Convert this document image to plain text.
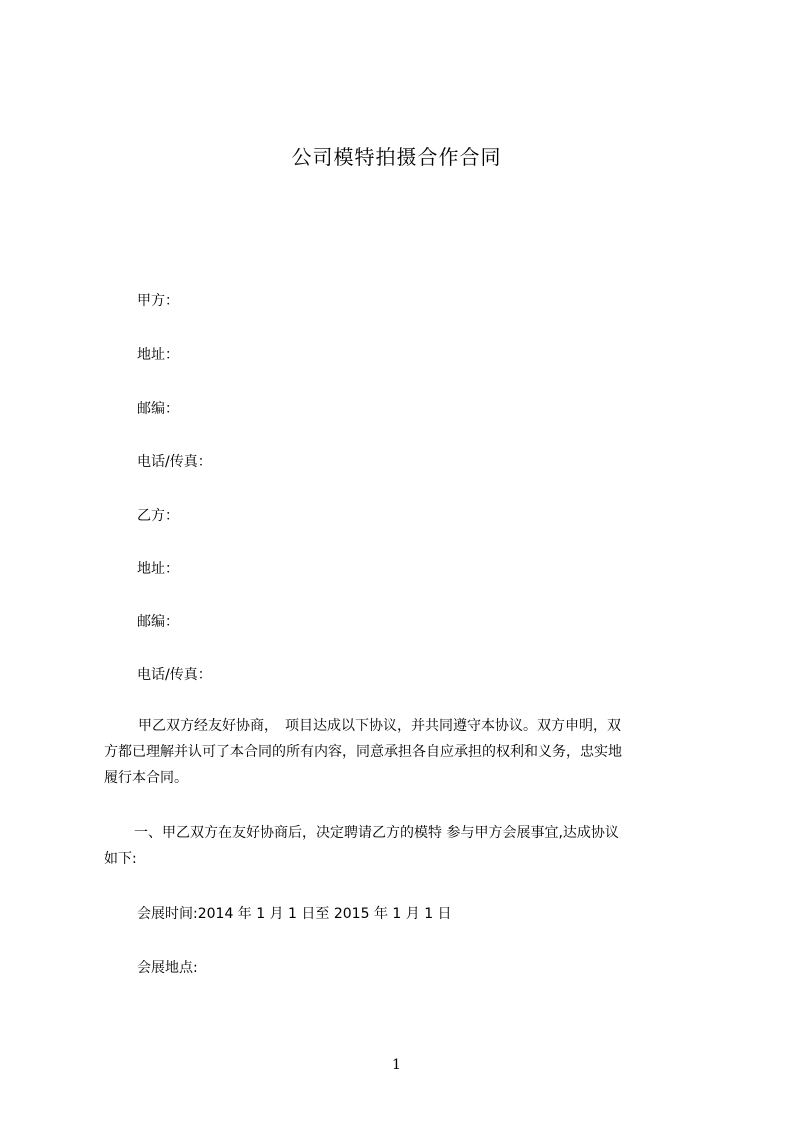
公司模特拍摄合作合同
甲方：
地址：
邮编：
电话/传真：
乙方：
地址：
邮编：
电话/传真：
甲乙双方经友好协商，　项目达成以下协议，并共同遵守本协议。双方申明，双
方都已理解并认可了本合同的所有内容，同意承担各自应承担的权利和义务，忠实地
履行本合同。
一、甲乙双方在友好协商后，决定聘请乙方的模特 参与甲方会展事宜,达成协议
如下:
会展时间:2014 年 1 月 1 日至 2015 年 1 月 1 日
会展地点:
1
